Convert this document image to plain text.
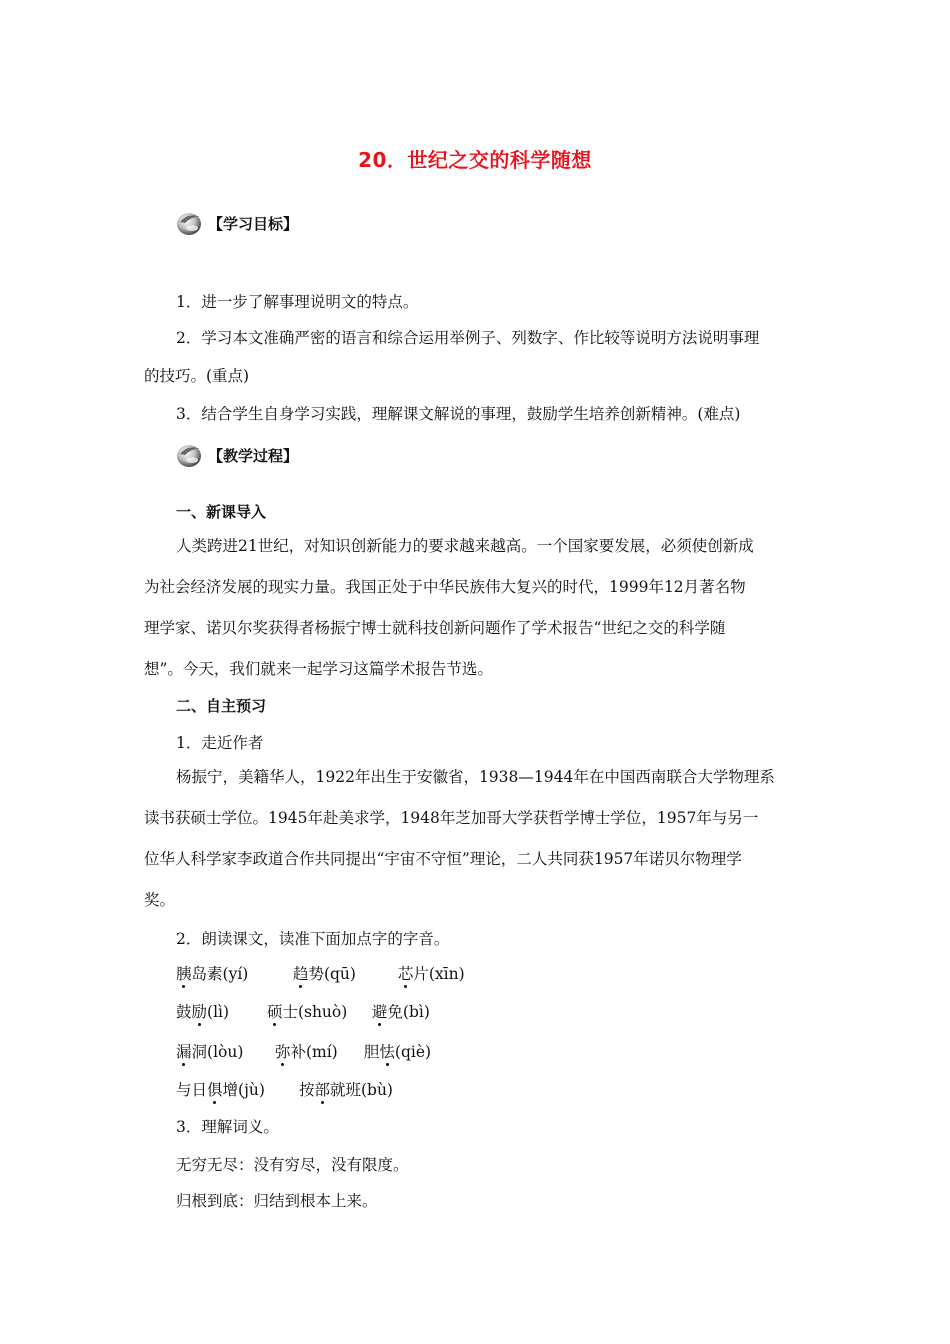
20．世纪之交的科学随想
【学习目标】
1．进一步了解事理说明文的特点。
2．学习本文准确严密的语言和综合运用举例子、列数字、作比较等说明方法说明事理
的技巧。(重点)
3．结合学生自身学习实践，理解课文解说的事理，鼓励学生培养创新精神。(难点)
【教学过程】
一、新课导入
人类跨进21世纪，对知识创新能力的要求越来越高。一个国家要发展，必须使创新成
为社会经济发展的现实力量。我国正处于中华民族伟大复兴的时代，1999年12月著名物
理学家、诺贝尔奖获得者杨振宁博士就科技创新问题作了学术报告“世纪之交的科学随
想”。今天，我们就来一起学习这篇学术报告节选。
二、自主预习
1．走近作者
杨振宁，美籍华人，1922年出生于安徽省，1938—1944年在中国西南联合大学物理系
读书获硕士学位。1945年赴美求学，1948年芝加哥大学获哲学博士学位，1957年与另一
位华人科学家李政道合作共同提出“宇宙不守恒”理论，二人共同获1957年诺贝尔物理学
奖。
2．朗读课文，读准下面加点字的字音。
胰岛素(yí)	趋势(qū)	芯片(xīn)
鼓励(lì) 硕士(shuò) 避免(bì)
漏洞(lòu) 弥补(mí) 胆怯(qiè)
与日俱增(jù) 按部就班(bù)
3．理解词义。
无穷无尽：没有穷尽，没有限度。
归根到底：归结到根本上来。
